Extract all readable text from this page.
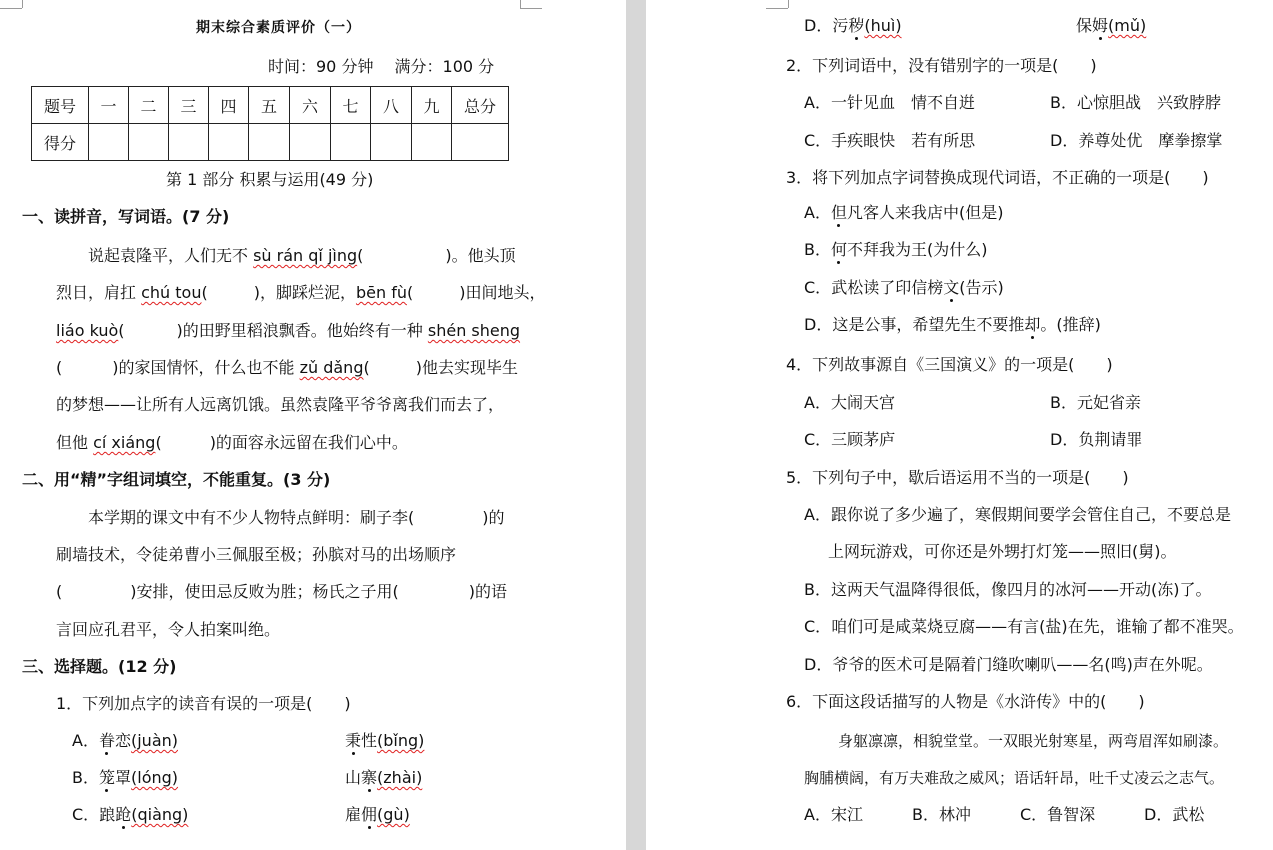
期末综合素质评价（一）
时间：90 分钟　 满分：100 分
题号	一	二	三	四	五	六	七	八	九	总分
得分										
第 1 部分 积累与运用(49 分)
一、读拼音，写词语。(7 分)
说起袁隆平，人们无不 sù rán qǐ jìng(	)。他头顶
烈日，肩扛 chú tou(	)，脚踩烂泥，bēn fù(	)田间地头，
liáo kuò(	)的田野里稻浪飘香。他始终有一种 shén sheng
(	)的家国情怀，什么也不能 zǔ dǎng(	)他去实现毕生
的梦想——让所有人远离饥饿。虽然袁隆平爷爷离我们而去了，
但他 cí xiáng(	)的面容永远留在我们心中。
二、用“精”字组词填空，不能重复。(3 分)
本学期的课文中有不少人物特点鲜明：刷子李(	)的
刷墙技术，令徒弟曹小三佩服至极；孙膑对马的出场顺序
(	)安排，使田忌反败为胜；杨氏之子用(	)的语
言回应孔君平，令人拍案叫绝。
三、选择题。(12 分)
1．下列加点字的读音有误的一项是(　　)
A．眷恋(juàn)	秉性(bǐng)
B．笼罩(lóng)	山寨(zhài)
C．踉跄(qiàng)	雇佣(gù)
D．污秽(huì)	保姆(mǔ)
2．下列词语中，没有错别字的一项是(　　)
A．一针见血　情不自逬	B．心惊胆战　兴致脖脖
C．手疾眼快　若有所思	D．养尊处优　摩拳擦掌
3．将下列加点字词替换成现代词语，不正确的一项是(　　)
A．但凡客人来我店中(但是)
B．何不拜我为王(为什么)
C．武松读了印信榜文(告示)
D．这是公事，希望先生不要推却。(推辞)
4．下列故事源自《三国演义》的一项是(　　)
A．大闹天宫	B．元妃省亲
C．三顾茅庐	D．负荆请罪
5．下列句子中，歇后语运用不当的一项是(　　)
A．跟你说了多少遍了，寒假期间要学会管住自己，不要总是
上网玩游戏，可你还是外甥打灯笼——照旧(舅)。
B．这两天气温降得很低，像四月的冰河——开动(冻)了。
C．咱们可是咸菜烧豆腐——有言(盐)在先，谁输了都不准哭。
D．爷爷的医术可是隔着门缝吹喇叭——名(鸣)声在外呢。
6．下面这段话描写的人物是《水浒传》中的(　　)
身躯凛凛，相貌堂堂。一双眼光射寒星，两弯眉浑如刷漆。
胸脯横阔，有万夫难敌之威风；语话轩昂，吐千丈凌云之志气。
A．宋江	B．林冲	C．鲁智深	D．武松
